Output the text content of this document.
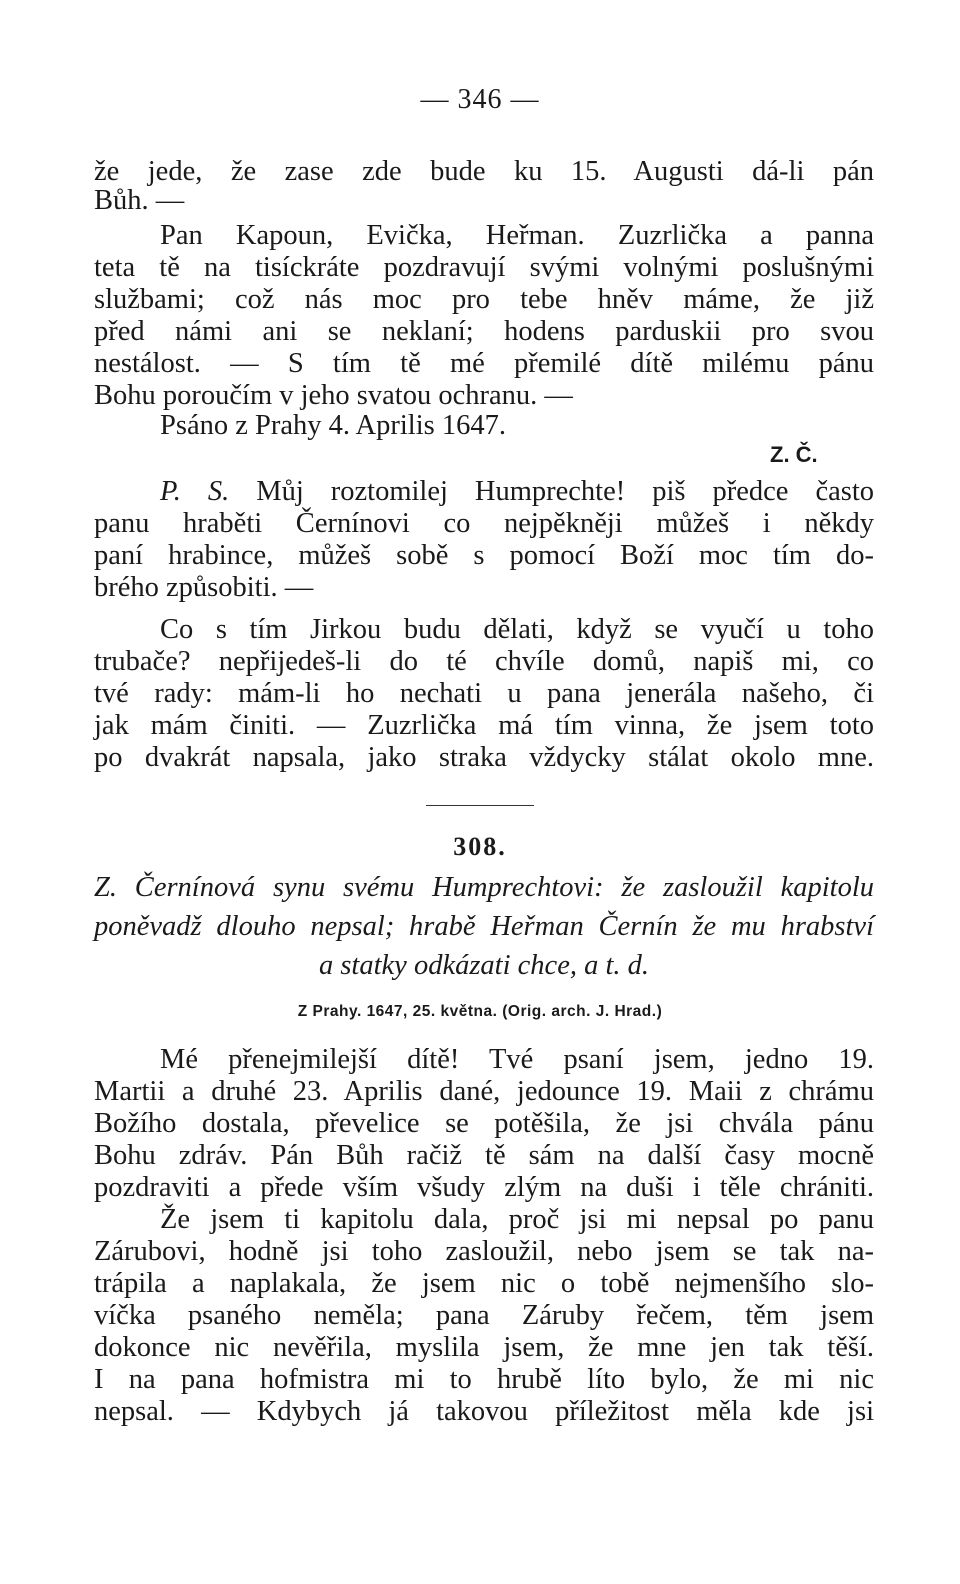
— 346 —
že jede, že zase zde bude ku 15. Augusti dá-li pán
Bůh. —
Pan Kapoun, Evička, Heřman. Zuzrlička a panna
teta tě na tisíckráte pozdravují svými volnými poslušnými
službami; což nás moc pro tebe hněv máme, že již
před námi ani se neklaní; hodens parduskii pro svou
nestálost. — S tím tě mé přemilé dítě milému pánu
Bohu poroučím v jeho svatou ochranu. —
Psáno z Prahy 4. Aprilis 1647.
Z. Č.
P. S. Můj roztomilej Humprechte! piš předce často
panu hraběti Černínovi co nejpěkněji můžeš i někdy
paní hrabince, můžeš sobě s pomocí Boží moc tím do-
brého způsobiti. —
Co s tím Jirkou budu dělati, když se vyučí u toho
trubače? nepřijedeš-li do té chvíle domů, napiš mi, co
tvé rady: mám-li ho nechati u pana jenerála našeho, či
jak mám činiti. — Zuzrlička má tím vinna, že jsem toto
po dvakrát napsala, jako straka vždycky stálat okolo mne.
308.
Z. Černínová synu svému Humprechtovi: že zasloužil kapitolu
poněvadž dlouho nepsal; hrabě Heřman Černín že mu hrabství
a statky odkázati chce, a t. d.
Z Prahy. 1647, 25. května. (Orig. arch. J. Hrad.)
Mé přenejmilejší dítě! Tvé psaní jsem, jedno 19.
Martii a druhé 23. Aprilis dané, jedounce 19. Maii z chrámu
Božího dostala, převelice se potěšila, že jsi chvála pánu
Bohu zdráv. Pán Bůh račiž tě sám na další časy mocně
pozdraviti a přede vším všudy zlým na duši i těle chrániti.
Že jsem ti kapitolu dala, proč jsi mi nepsal po panu
Zárubovi, hodně jsi toho zasloužil, nebo jsem se tak na-
trápila a naplakala, že jsem nic o tobě nejmenšího slo-
víčka psaného neměla; pana Záruby řečem, těm jsem
dokonce nic nevěřila, myslila jsem, že mne jen tak těší.
I na pana hofmistra mi to hrubě líto bylo, že mi nic
nepsal. — Kdybych já takovou příležitost měla kde jsi
